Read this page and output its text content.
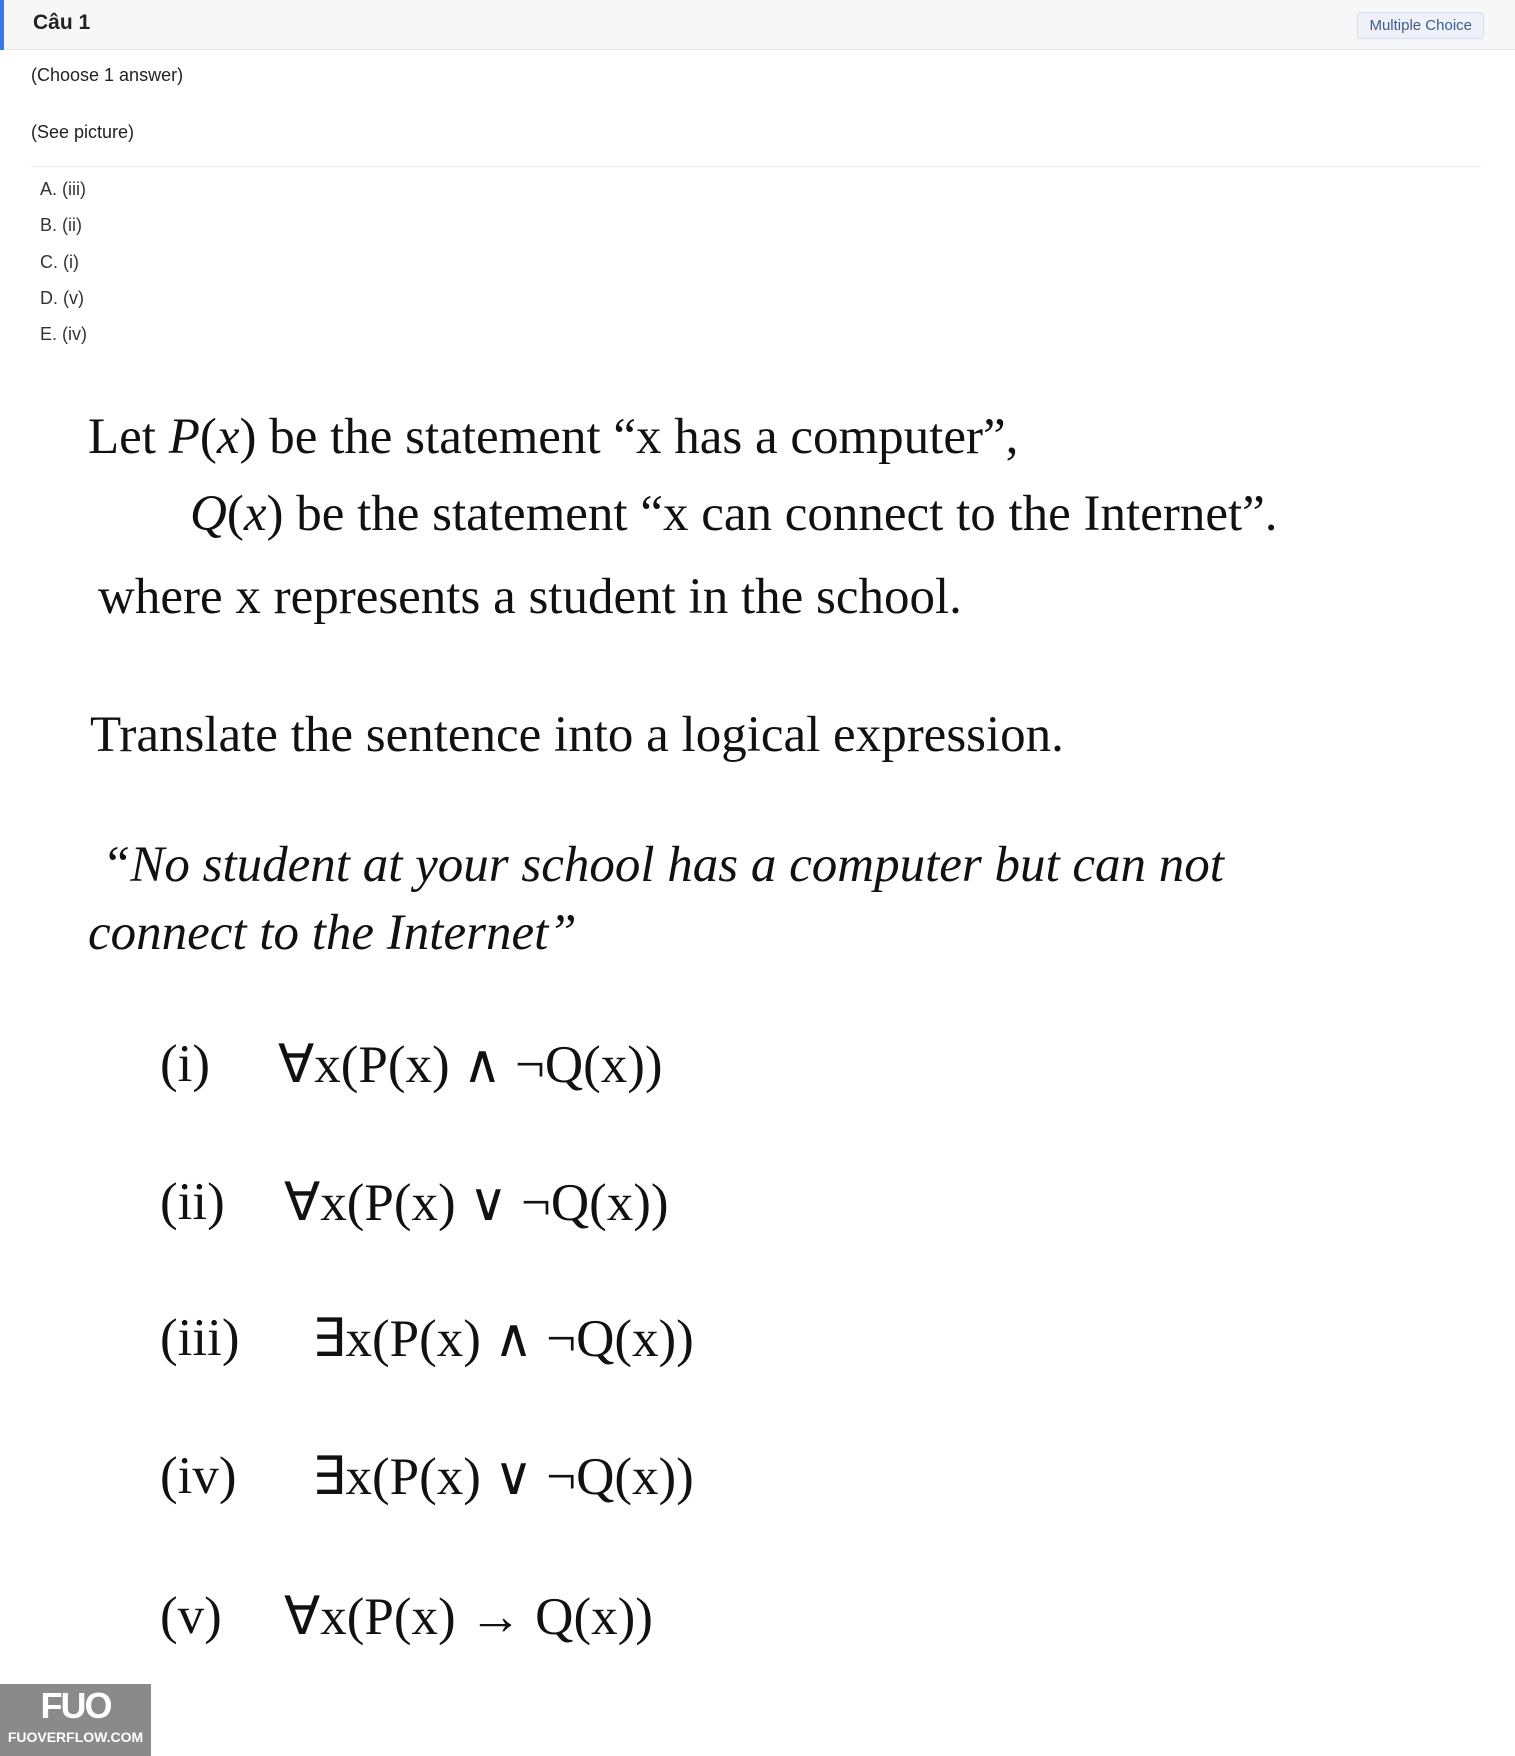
Câu 1	Multiple Choice
(Choose 1 answer)
(See picture)
A. (iii)
B. (ii)
C. (i)
D. (v)
E. (iv)
Let P(x) be the statement “x has a computer”,
Q(x) be the statement “x can connect to the Internet”.
where x represents a student in the school.
Translate the sentence into a logical expression.
“No student at your school has a computer but can not
connect to the Internet”
(i) ∀x(P(x) ∧ ¬Q(x))
(ii) ∀x(P(x) ∨ ¬Q(x))
(iii) ∃x(P(x) ∧ ¬Q(x))
(iv) ∃x(P(x) ∨ ¬Q(x))
(v) ∀x(P(x) → Q(x))
FUO
FUOVERFLOW.COM
